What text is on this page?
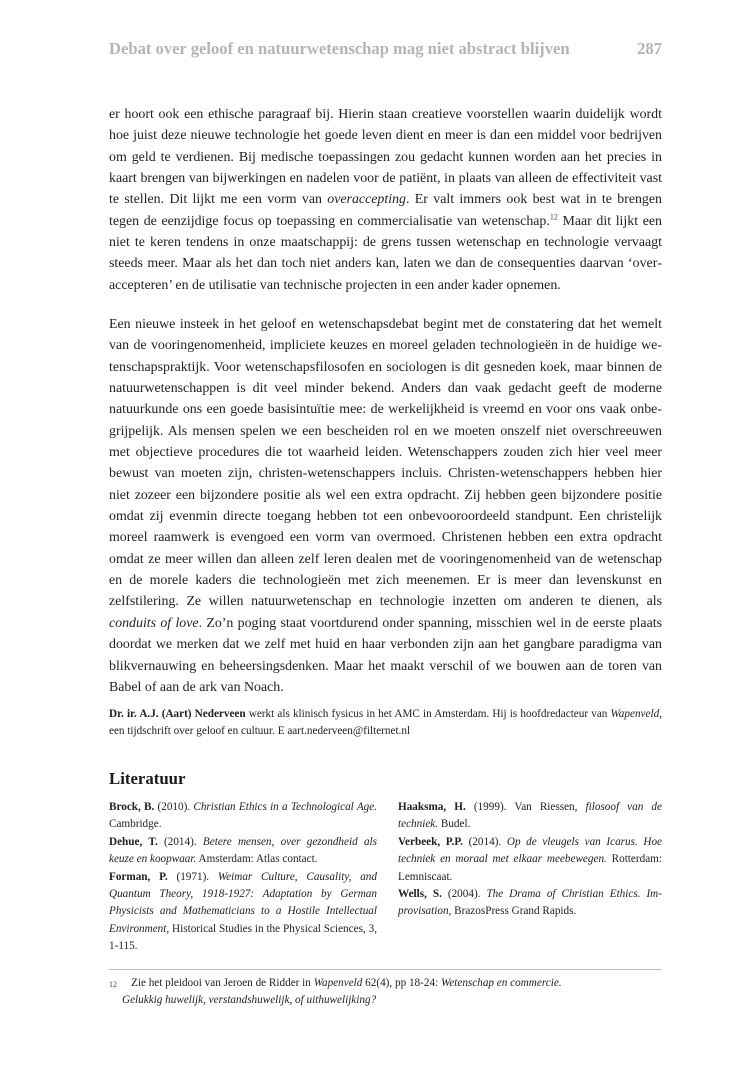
Debat over geloof en natuurwetenschap mag niet abstract blijven	287

er hoort ook een ethische paragraaf bij. Hierin staan creatieve voorstellen waarin duidelijk wordt hoe juist deze nieuwe technologie het goede leven dient en meer is dan een middel voor bedrijven om geld te verdienen. Bij medische toepassingen zou gedacht kunnen worden aan het precies in kaart brengen van bijwerkingen en nadelen voor de patiënt, in plaats van alleen de effectiviteit vast te stellen. Dit lijkt me een vorm van overaccepting. Er valt immers ook best wat in te brengen tegen de eenzijdige focus op toepassing en commercialisatie van wetenschap.$^{12}$ Maar dit lijkt een niet te keren tendens in onze maatschappij: de grens tussen wetenschap en technologie vervaagt steeds meer. Maar als het dan toch niet anders kan, laten we dan de consequenties daarvan ‘overaccepteren’ en de utilisatie van technische projecten in een ander kader opnemen.

Een nieuwe insteek in het geloof en wetenschapsdebat begint met de constatering dat het wemelt van de vooringenomenheid, impliciete keuzes en moreel geladen technologieën in de huidige wetenschapspraktijk. Voor wetenschapsfilosofen en sociologen is dit gesneden koek, maar binnen de natuurwetenschappen is dit veel minder bekend. Anders dan vaak gedacht geeft de moderne natuurkunde ons een goede basisintuïtie mee: de werkelijkheid is vreemd en voor ons vaak onbegrijpelijk. Als mensen spelen we een bescheiden rol en we moeten onszelf niet overschreeuwen met objectieve procedures die tot waarheid leiden. Wetenschappers zouden zich hier veel meer bewust van moeten zijn, christen-wetenschappers incluis. Christen-wetenschappers hebben hier niet zozeer een bijzondere positie als wel een extra opdracht. Zij hebben geen bijzondere positie omdat zij evenmin directe toegang hebben tot een onbevooroordeeld standpunt. Een christelijk moreel raamwerk is evengoed een vorm van overmoed. Christenen hebben een extra opdracht omdat ze meer willen dan alleen zelf leren dealen met de vooringenomenheid van de wetenschap en de morele kaders die technologieën met zich meenemen. Er is meer dan levenskunst en zelfstilering. Ze willen natuurwetenschap en technologie inzetten om anderen te dienen, als conduits of love. Zo’n poging staat voortdurend onder spanning, misschien wel in de eerste plaats doordat we merken dat we zelf met huid en haar verbonden zijn aan het gangbare paradigma van blikvernauwing en beheersingsdenken. Maar het maakt verschil of we bouwen aan de toren van Babel of aan de ark van Noach.

Dr. ir. A.J. (Aart) Nederveen werkt als klinisch fysicus in het AMC in Amsterdam. Hij is hoofdredacteur van Wapenveld, een tijdschrift over geloof en cultuur. E aart.nederveen@filternet.nl

Literatuur

Brock, B. (2010). Christian Ethics in a Technological Age. Cambridge.

Dehue, T. (2014). Betere mensen, over gezondheid als keuze en koopwaar. Amsterdam: Atlas contact.

Forman, P. (1971). Weimar Culture, Causality, and Quantum Theory, 1918-1927: Adaptation by German Physicists and Mathematicians to a Hostile Intellectual Environment, Historical Studies in the Physical Sciences, 3, 1-115.

Haaksma, H. (1999). Van Riessen, filosoof van de techniek. Budel.

Verbeek, P.P. (2014). Op de vleugels van Icarus. Hoe techniek en moraal met elkaar meebewegen. Rotterdam: Lemniscaat.

Wells, S. (2004). The Drama of Christian Ethics. Improvisation, BrazosPress Grand Rapids.

12	Zie het pleidooi van Jeroen de Ridder in Wapenveld 62(4), pp 18-24: Wetenschap en commercie.
Gelukkig huwelijk, verstandshuwelijk, of uithuwelijking?
